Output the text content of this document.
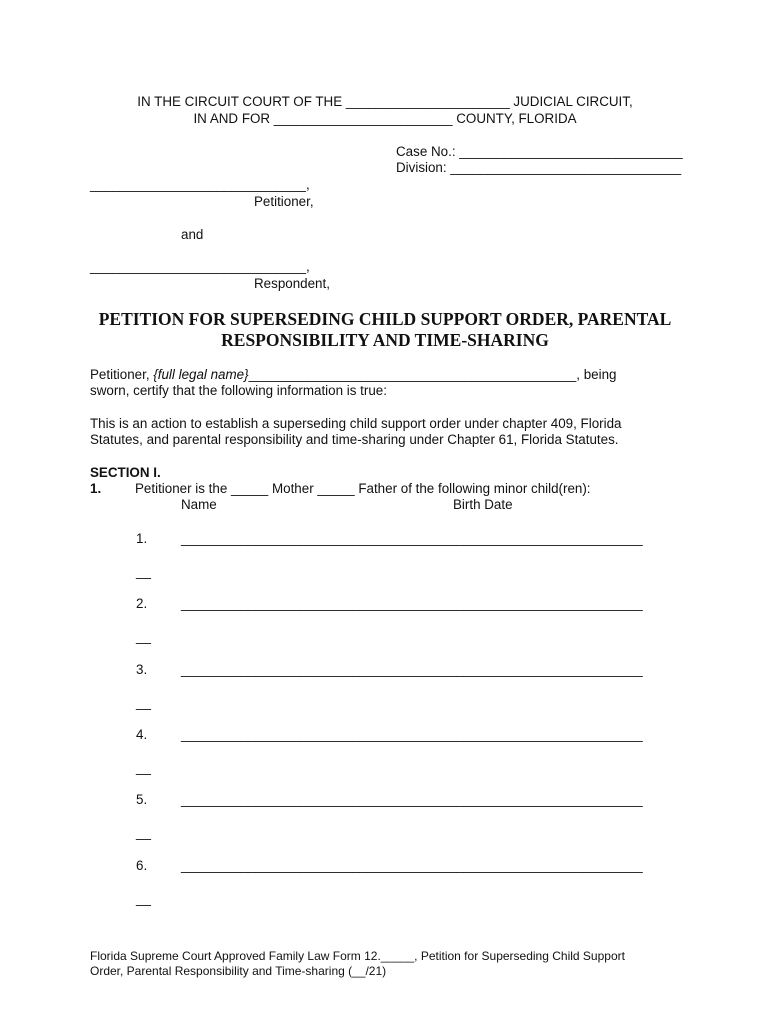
IN THE CIRCUIT COURT OF THE ______________________ JUDICIAL CIRCUIT,
IN AND FOR ________________________ COUNTY, FLORIDA
Case No.: ______________________________
Division: _______________________________
_____________________________,
Petitioner,
and
_____________________________,
Respondent,
PETITION FOR SUPERSEDING CHILD SUPPORT ORDER, PARENTAL
RESPONSIBILITY AND TIME-SHARING
Petitioner, {full legal name}____________________________________________, being
sworn, certify that the following information is true:
This is an action to establish a superseding child support order under chapter 409, Florida
Statutes, and parental responsibility and time-sharing under Chapter 61, Florida Statutes.
SECTION I.
1.	Petitioner is the _____ Mother _____ Father of the following minor child(ren):
Name	Birth Date
1.	______________________________________________________________
__
2.	______________________________________________________________
__
3.	______________________________________________________________
__
4.	______________________________________________________________
__
5.	______________________________________________________________
__
6.	______________________________________________________________
__
Florida Supreme Court Approved Family Law Form 12._____, Petition for Superseding Child Support
Order, Parental Responsibility and Time-sharing (__/21)
